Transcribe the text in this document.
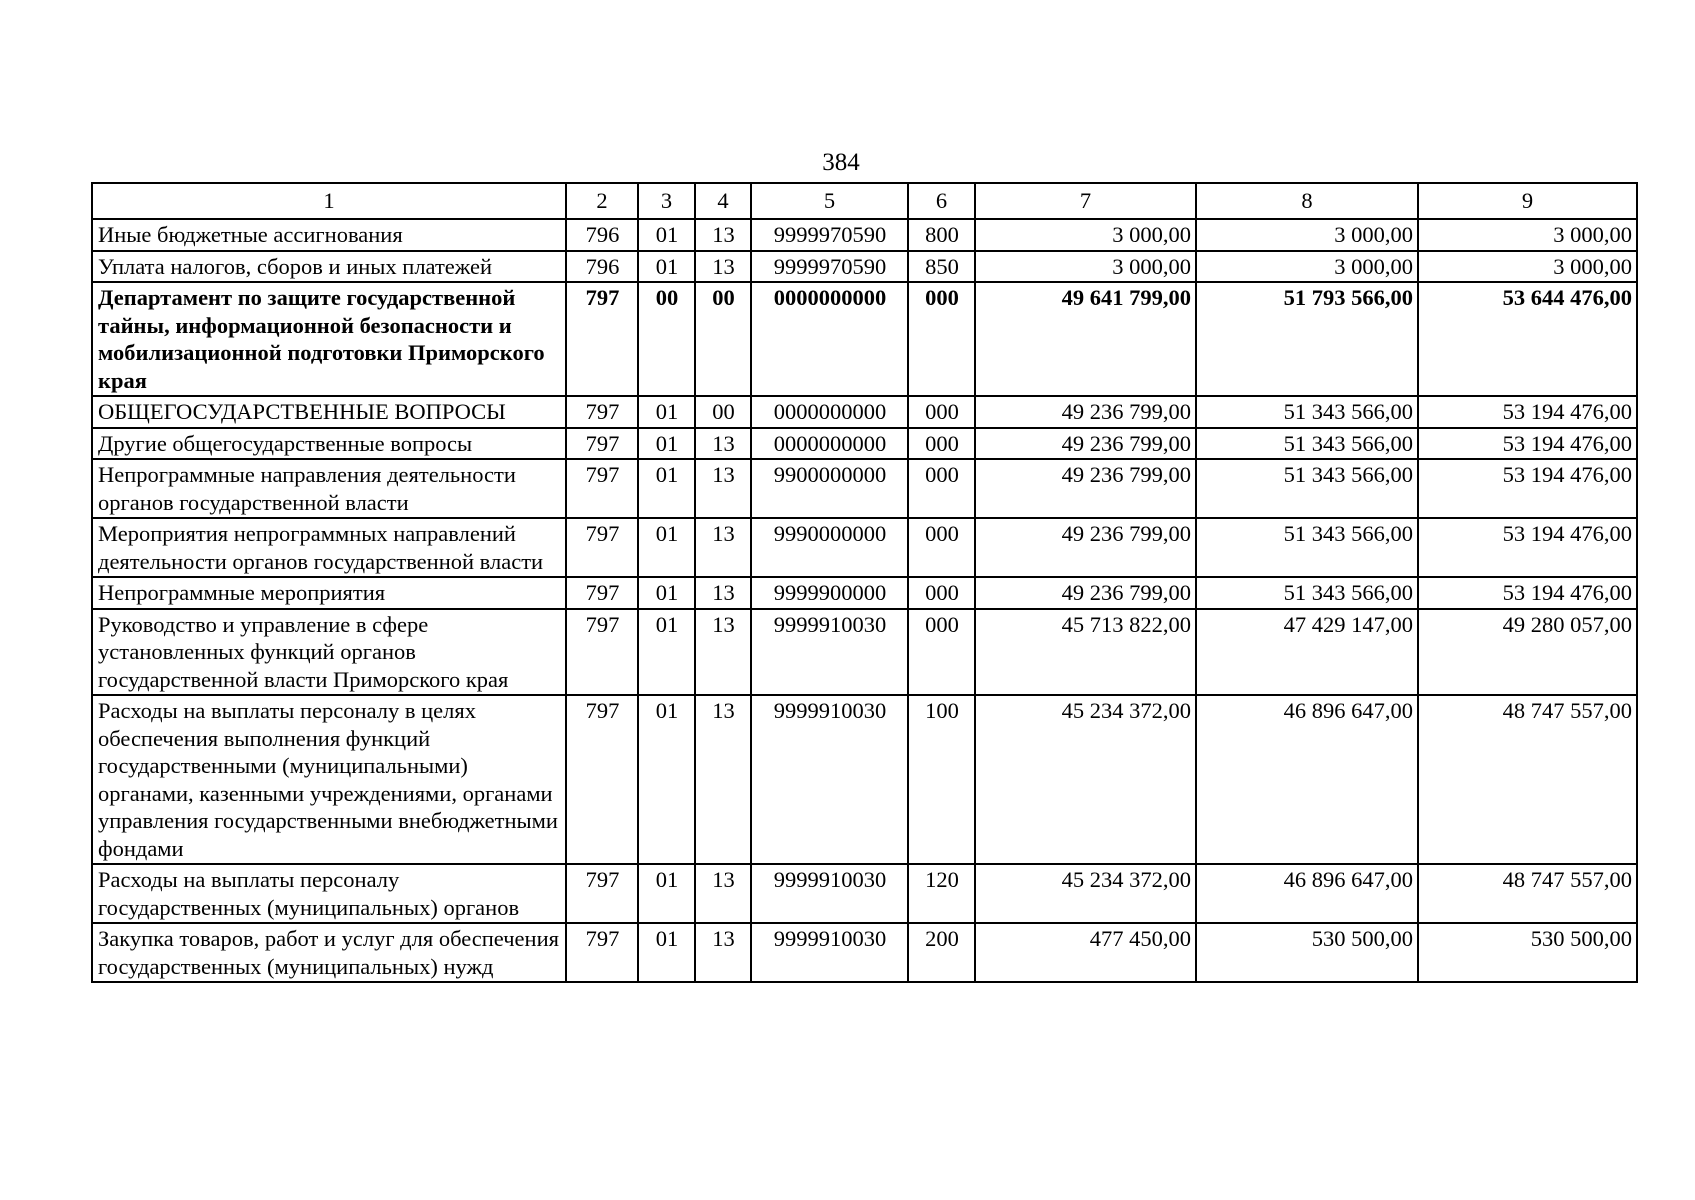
384
1	2	3	4	5	6	7	8	9
Иные бюджетные ассигнования	796	01	13	9999970590	800	3 000,00	3 000,00	3 000,00
Уплата налогов, сборов и иных платежей	796	01	13	9999970590	850	3 000,00	3 000,00	3 000,00
Департамент по защите государственной тайны, информационной безопасности и мобилизационной подготовки Приморского края	797	00	00	0000000000	000	49 641 799,00	51 793 566,00	53 644 476,00
ОБЩЕГОСУДАРСТВЕННЫЕ ВОПРОСЫ	797	01	00	0000000000	000	49 236 799,00	51 343 566,00	53 194 476,00
Другие общегосударственные вопросы	797	01	13	0000000000	000	49 236 799,00	51 343 566,00	53 194 476,00
Непрограммные направления деятельности органов государственной власти	797	01	13	9900000000	000	49 236 799,00	51 343 566,00	53 194 476,00
Мероприятия непрограммных направлений деятельности органов государственной власти	797	01	13	9990000000	000	49 236 799,00	51 343 566,00	53 194 476,00
Непрограммные мероприятия	797	01	13	9999900000	000	49 236 799,00	51 343 566,00	53 194 476,00
Руководство и управление в сфере установленных функций органов государственной власти Приморского края	797	01	13	9999910030	000	45 713 822,00	47 429 147,00	49 280 057,00
Расходы на выплаты персоналу в целях обеспечения выполнения функций государственными (муниципальными) органами, казенными учреждениями, органами управления государственными внебюджетными фондами	797	01	13	9999910030	100	45 234 372,00	46 896 647,00	48 747 557,00
Расходы на выплаты персоналу государственных (муниципальных) органов	797	01	13	9999910030	120	45 234 372,00	46 896 647,00	48 747 557,00
Закупка товаров, работ и услуг для обеспечения государственных (муниципальных) нужд	797	01	13	9999910030	200	477 450,00	530 500,00	530 500,00
